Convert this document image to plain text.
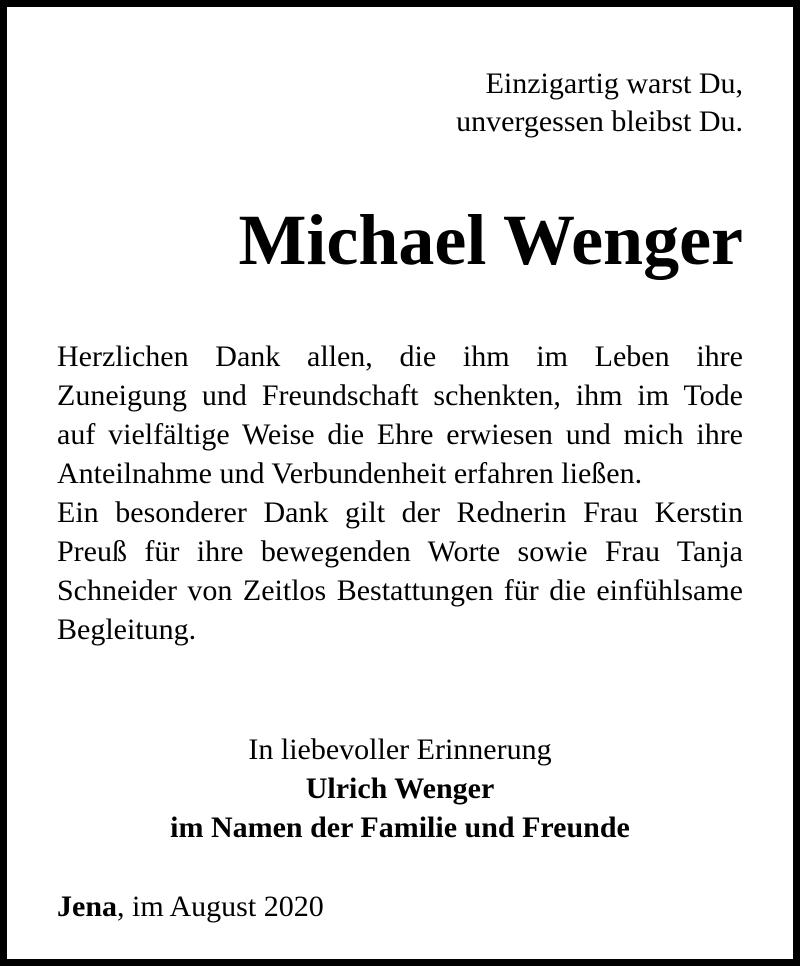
Einzigartig warst Du,
unvergessen bleibst Du.
Michael Wenger

Herzlichen Dank allen, die ihm im Leben ihre Zuneigung und Freundschaft schenkten, ihm im Tode auf vielfältige Weise die Ehre erwiesen und mich ihre Anteilnahme und Verbundenheit erfahren ließen.

Ein besonderer Dank gilt der Rednerin Frau Kerstin Preuß für ihre bewegenden Worte sowie Frau Tanja Schneider von Zeitlos Bestattungen für die einfühlsame Begleitung.

In liebevoller Erinnerung
Ulrich Wenger
im Namen der Familie und Freunde
Jena, im August 2020
